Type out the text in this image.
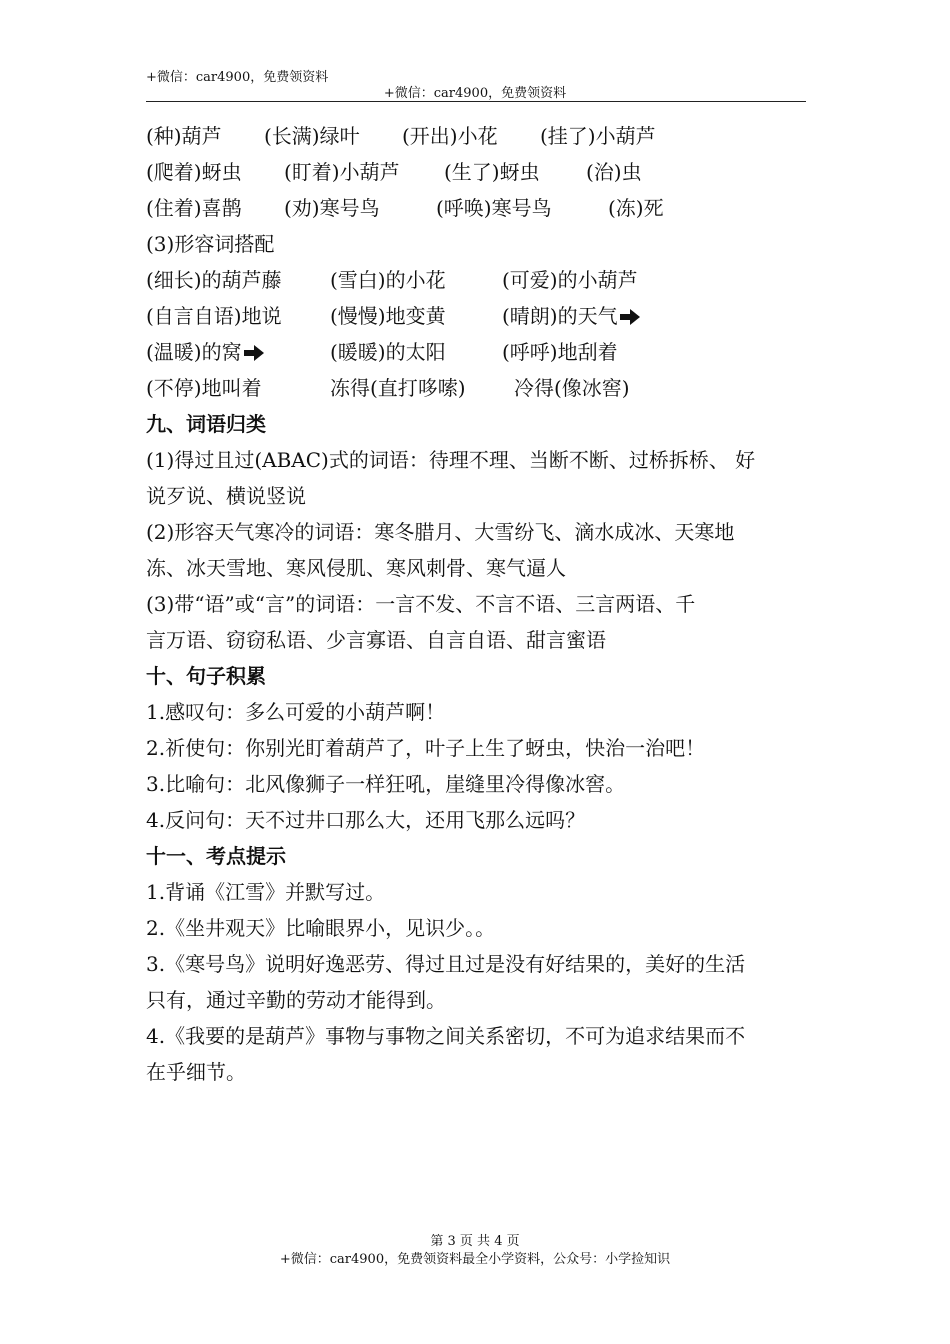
+微信：car4900，免费领资料
+微信：car4900，免费领资料
(种)葫芦 (长满)绿叶 (开出)小花 (挂了)小葫芦
(爬着)蚜虫 (盯着)小葫芦 (生了)蚜虫 (治)虫
(住着)喜鹊 (劝)寒号鸟	(呼唤)寒号鸟	(冻)死
(3)形容词搭配
(细长)的葫芦藤 (雪白)的小花	(可爱)的小葫芦
(自言自语)地说 (慢慢)地变黄	(晴朗)的天气
(温暖)的窝	(暖暖)的太阳	(呼呼)地刮着
(不停)地叫着	冻得(直打哆嗦) 冷得(像冰窖)
九、词语归类
(1)得过且过(ABAC)式的词语：待理不理、当断不断、过桥拆桥、 好
说歹说、横说竖说
(2)形容天气寒冷的词语：寒冬腊月、大雪纷飞、滴水成冰、天寒地
冻、冰天雪地、寒风侵肌、寒风刺骨、寒气逼人
(3)带“语”或“言”的词语：一言不发、不言不语、三言两语、千
言万语、窃窃私语、少言寡语、自言自语、甜言蜜语
十、句子积累
1.感叹句：多么可爱的小葫芦啊！
2.祈使句：你别光盯着葫芦了，叶子上生了蚜虫，快治一治吧！
3.比喻句：北风像狮子一样狂吼，崖缝里冷得像冰窖。
4.反问句：天不过井口那么大，还用飞那么远吗？
十一、考点提示
1.背诵《江雪》并默写过。
2.《坐井观天》比喻眼界小，见识少。。
3.《寒号鸟》说明好逸恶劳、得过且过是没有好结果的，美好的生活
只有，通过辛勤的劳动才能得到。
4.《我要的是葫芦》事物与事物之间关系密切，不可为追求结果而不
在乎细节。
第 3 页 共 4 页
+微信：car4900，免费领资料最全小学资料，公众号：小学捡知识
